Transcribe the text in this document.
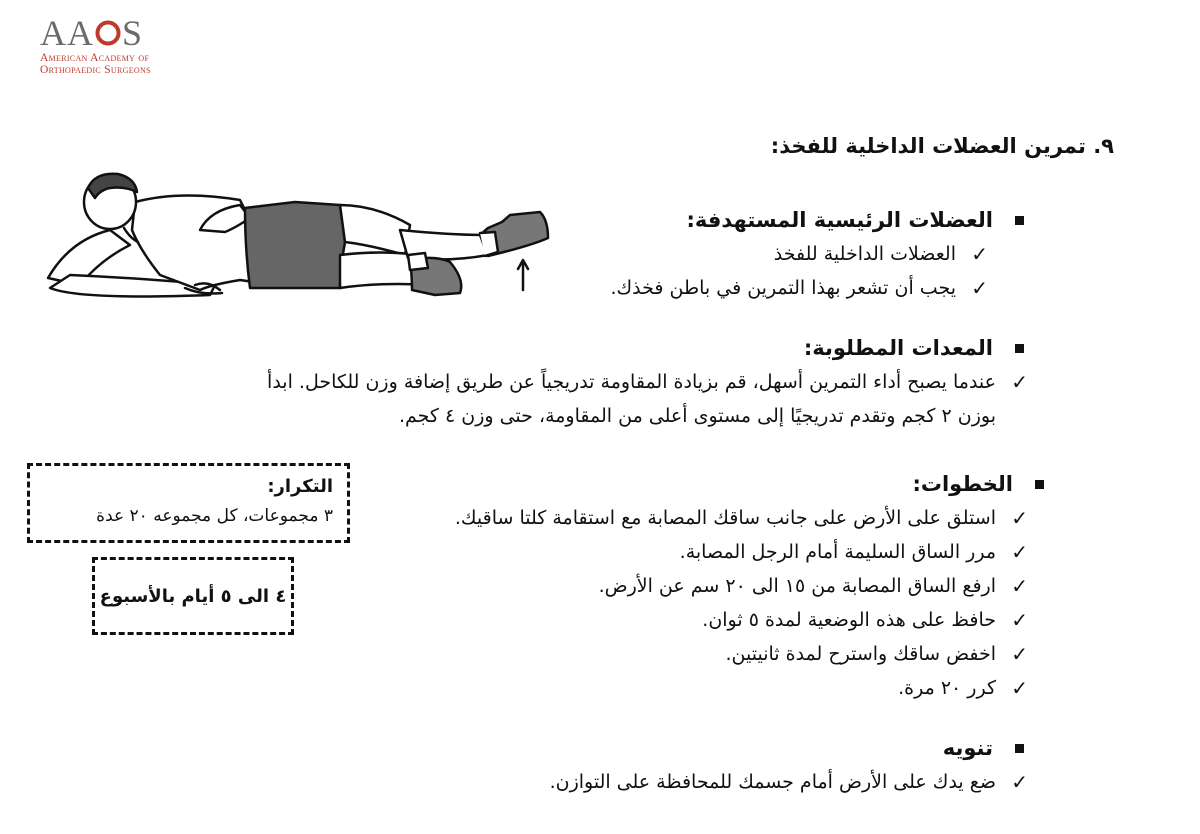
AA S
American Academy of
Orthopaedic Surgeons
٩. تمرين العضلات الداخلية للفخذ:
العضلات الرئيسية المستهدفة:
✓
العضلات الداخلية للفخذ
✓
يجب أن تشعر بهذا التمرين في باطن فخذك.
المعدات المطلوبة:
✓
عندما يصبح أداء التمرين أسهل، قم بزيادة المقاومة تدريجياً عن طريق إضافة وزن للكاحل. ابدأ
بوزن ٢ كجم وتقدم تدريجيًا إلى مستوى أعلى من المقاومة، حتى وزن ٤ كجم.
الخطوات:
✓
استلق على الأرض على جانب ساقك المصابة مع استقامة كلتا ساقيك.
✓
مرر الساق السليمة أمام الرجل المصابة.
✓
ارفع الساق المصابة من ١٥ الى ٢٠ سم عن الأرض.
✓
حافظ على هذه الوضعية لمدة ٥ ثوان.
✓
اخفض ساقك واسترح لمدة ثانيتين.
✓
كرر ٢٠ مرة.
تنويه
✓
ضع يدك على الأرض أمام جسمك للمحافظة على التوازن.
التكرار:
٣ مجموعات، كل مجموعه ٢٠ عدة
٤ الى ٥ أيام بالأسبوع
